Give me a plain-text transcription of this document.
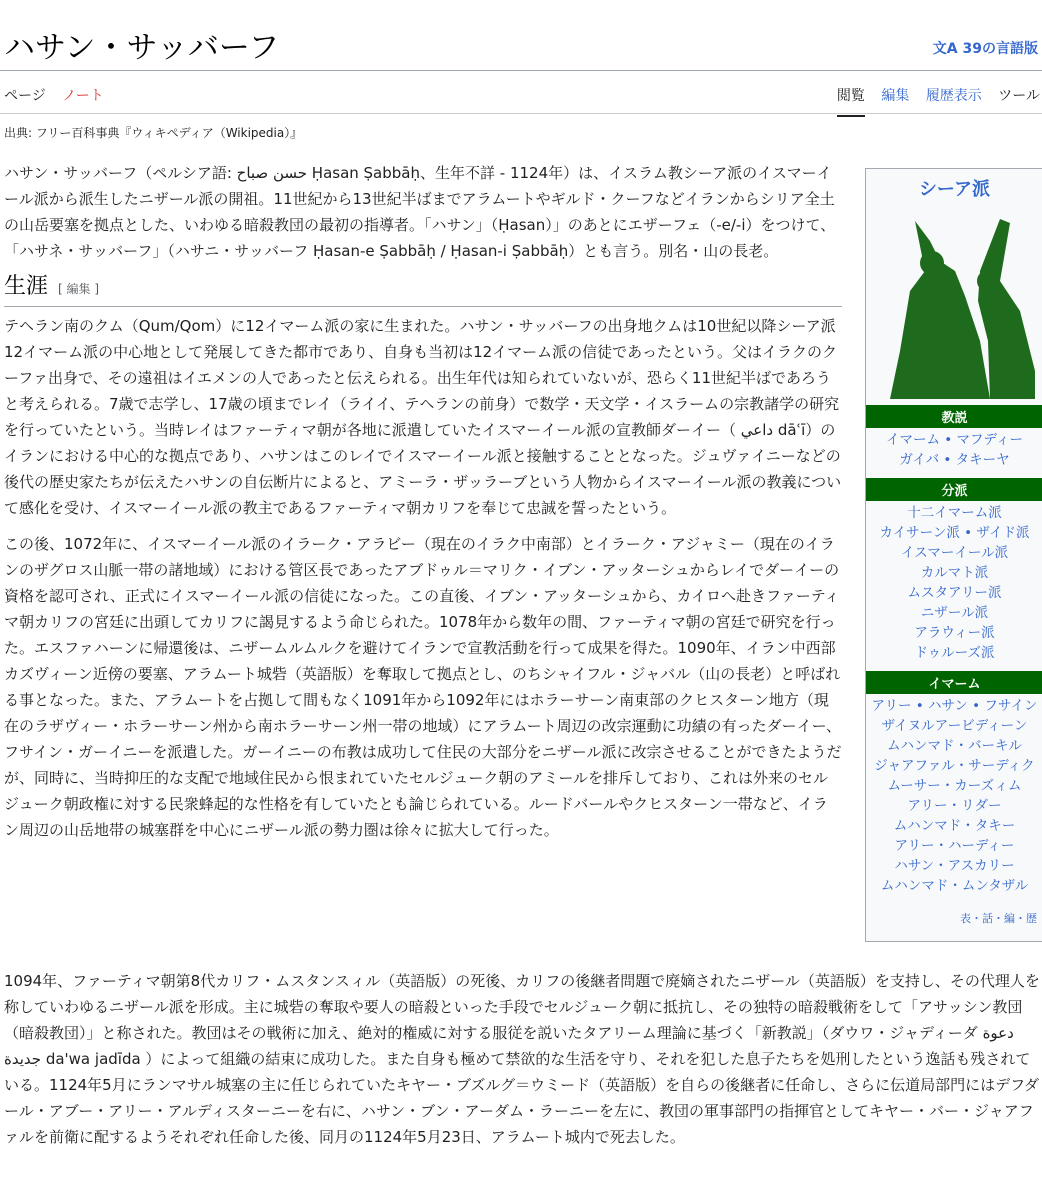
ハサン・サッバーフ	文A 39の言語版
ページ ノート	閲覧 編集 履歴表示 ツール
出典: フリー百科事典『ウィキペディア（Wikipedia）』

ハサン・サッバーフ（ペルシア語: حسن صباح Ḥasan Ṣabbāḥ、生年不詳 - 1124年）は、イスラム教シーア派のイスマーイール派から派生したニザール派の開祖。11世紀から13世紀半ばまでアラムートやギルド・クーフなどイランからシリア全土の山岳要塞を拠点とした、いわゆる暗殺教団の最初の指導者。「ハサン」（Ḥasan）」のあとにエザーフェ（-e/-i）をつけて、「ハサネ・サッバーフ」（ハサニ・サッバーフ Ḥasan-e Ṣabbāḥ / Ḥasan-i Ṣabbāḥ）とも言う。別名・山の長老。

生涯 [ 編集 ]

テヘラン南のクム（Qum/Qom）に12イマーム派の家に生まれた。ハサン・サッバーフの出身地クムは10世紀以降シーア派12イマーム派の中心地として発展してきた都市であり、自身も当初は12イマーム派の信徒であったという。父はイラクのクーファ出身で、その遠祖はイエメンの人であったと伝えられる。出生年代は知られていないが、恐らく11世紀半ばであろうと考えられる。7歳で志学し、17歳の頃までレイ（ライイ、テヘランの前身）で数学・天文学・イスラームの宗教諸学の研究を行っていたという。当時レイはファーティマ朝が各地に派遣していたイスマーイール派の宣教師ダーイー（ داعي dāʿī）のイランにおける中心的な拠点であり、ハサンはこのレイでイスマーイール派と接触することとなった。ジュヴァイニーなどの後代の歴史家たちが伝えたハサンの自伝断片によると、アミーラ・ザッラーブという人物からイスマーイール派の教義について感化を受け、イスマーイール派の教主であるファーティマ朝カリフを奉じて忠誠を誓ったという。

この後、1072年に、イスマーイール派のイラーク・アラビー（現在のイラク中南部）とイラーク・アジャミー（現在のイランのザグロス山脈一帯の諸地域）における管区長であったアブドゥル＝マリク・イブン・アッターシュからレイでダーイーの資格を認可され、正式にイスマーイール派の信徒になった。この直後、イブン・アッターシュから、カイロへ赴きファーティマ朝カリフの宮廷に出頭してカリフに謁見するよう命じられた。1078年から数年の間、ファーティマ朝の宮廷で研究を行った。エスファハーンに帰還後は、ニザームルムルクを避けてイランで宣教活動を行って成果を得た。1090年、イラン中西部カズヴィーン近傍の要塞、アラムート城砦（英語版）を奪取して拠点とし、のちシャイフル・ジャバル（山の長老）と呼ばれる事となった。また、アラムートを占拠して間もなく1091年から1092年にはホラーサーン南東部のクヒスターン地方（現在のラザヴィー・ホラーサーン州から南ホラーサーン州一帯の地域）にアラムート周辺の改宗運動に功績の有ったダーイー、フサイン・ガーイニーを派遣した。ガーイニーの布教は成功して住民の大部分をニザール派に改宗させることができたようだが、同時に、当時抑圧的な支配で地域住民から恨まれていたセルジューク朝のアミールを排斥しており、これは外来のセルジューク朝政権に対する民衆蜂起的な性格を有していたとも論じられている。ルードバールやクヒスターン一帯など、イラン周辺の山岳地帯の城塞群を中心にニザール派の勢力圏は徐々に拡大して行った。

1094年、ファーティマ朝第8代カリフ・ムスタンスィル（英語版）の死後、カリフの後継者問題で廃嫡されたニザール（英語版）を支持し、その代理人を称していわゆるニザール派を形成。主に城砦の奪取や要人の暗殺といった手段でセルジューク朝に抵抗し、その独特の暗殺戦術をして「アサッシン教団（暗殺教団）」と称された。教団はその戦術に加え、絶対的権威に対する服従を説いたタアリーム理論に基づく「新教説」（ダウワ・ジャディーダ دعوة جديدة da'wa jadīda ）によって組織の結束に成功した。また自身も極めて禁欲的な生活を守り、それを犯した息子たちを処刑したという逸話も残されている。1124年5月にランマサル城塞の主に任じられていたキヤー・ブズルグ＝ウミード（英語版）を自らの後継者に任命し、さらに伝道局部門にはデフダール・アブー・アリー・アルディスターニーを右に、ハサン・ブン・アーダム・ラーニーを左に、教団の軍事部門の指揮官としてキヤー・バー・ジャアファルを前衛に配するようそれぞれ任命した後、同月の1124年5月23日、アラムート城内で死去した。

シーア派
教説
イマーム • マフディー
ガイバ • タキーヤ
分派
十二イマーム派
カイサーン派 • ザイド派
イスマーイール派
カルマト派
ムスタアリー派
ニザール派
アラウィー派
ドゥルーズ派
イマーム
アリー • ハサン • フサイン
ザイヌルアービディーン
ムハンマド・バーキル
ジャアファル・サーディク
ムーサー・カーズィム
アリー・リダー
ムハンマド・タキー
アリー・ハーディー
ハサン・アスカリー
ムハンマド・ムンタザル
表・話・編・歴
